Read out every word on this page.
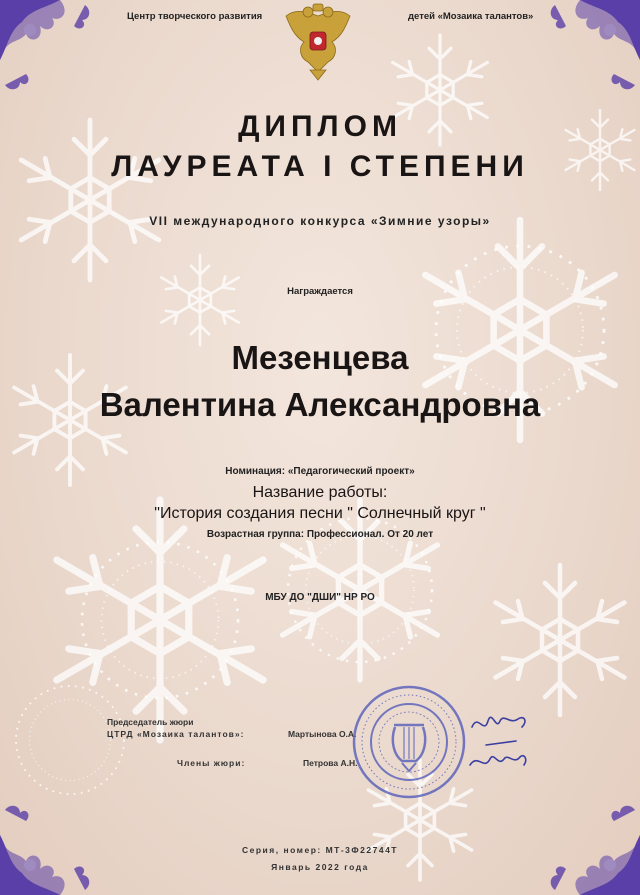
Центр творческого развития	детей «Мозаика талантов»
ДИПЛОМ
ЛАУРЕАТА I СТЕПЕНИ
VII международного конкурса «Зимние узоры»
Награждается
Мезенцева
Валентина Александровна
Номинация: «Педагогический проект»
Название работы:
"История создания песни " Солнечный круг "
Возрастная группа: Профессионал. От 20 лет
МБУ ДО "ДШИ" НР РО
Председатель жюри
ЦТРД «Мозаика талантов»:	Мартынова О.А.
Члены жюри:	Петрова А.Н.
Серия, номер: МТ-3Ф22744Т
Январь 2022 года
